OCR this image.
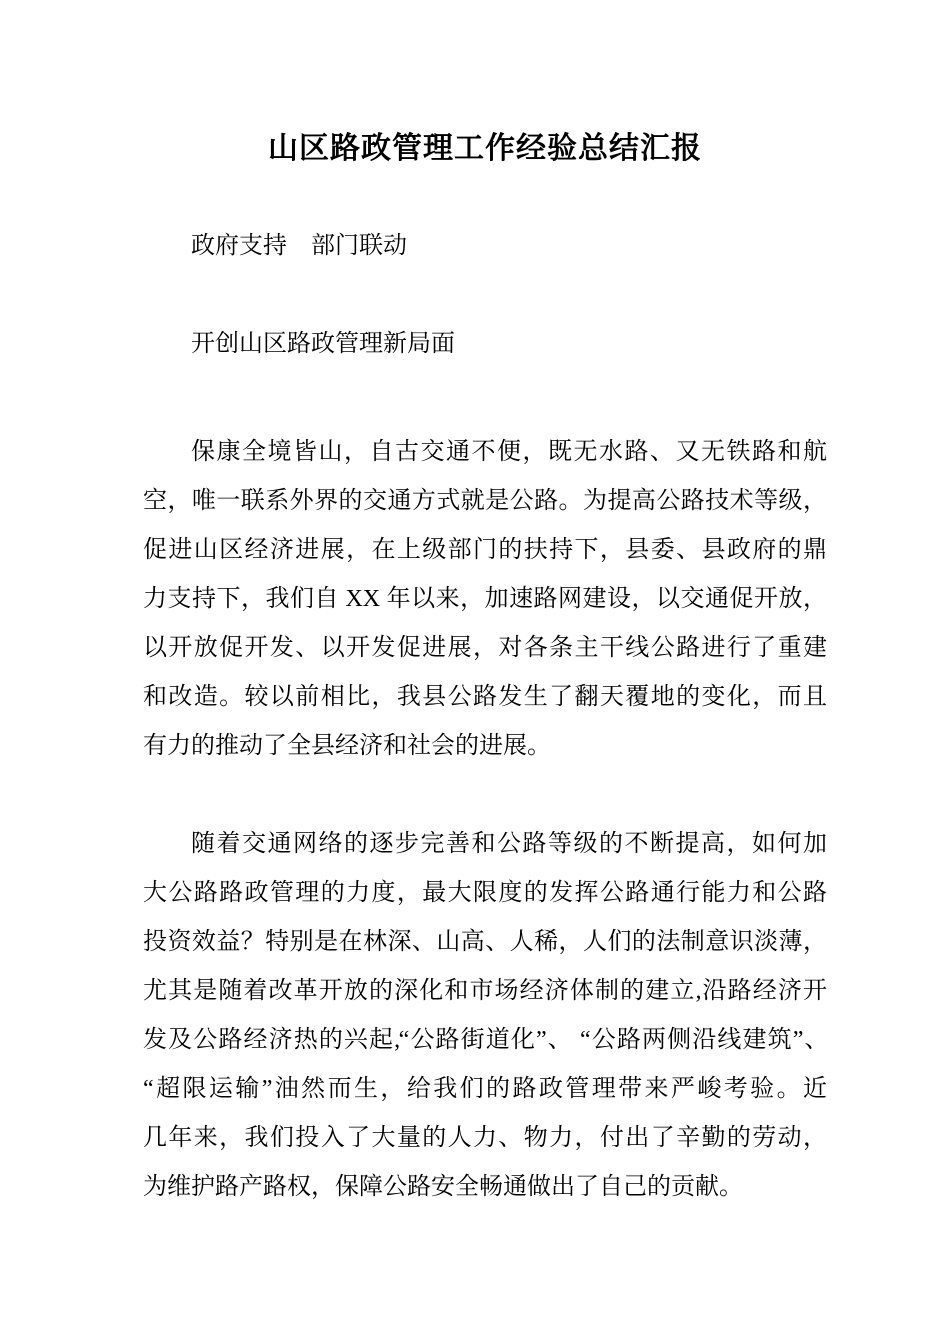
山区路政管理工作经验总结汇报
政府支持　部门联动
开创山区路政管理新局面
保康全境皆山，自古交通不便，既无水路、又无铁路和航
空，唯一联系外界的交通方式就是公路。为提高公路技术等级，
促进山区经济进展，在上级部门的扶持下，县委、县政府的鼎
力支持下，我们自 XX 年以来，加速路网建设，以交通促开放，
以开放促开发、以开发促进展，对各条主干线公路进行了重建
和改造。较以前相比，我县公路发生了翻天覆地的变化，而且
有力的推动了全县经济和社会的进展。
随着交通网络的逐步完善和公路等级的不断提高，如何加
大公路路政管理的力度，最大限度的发挥公路通行能力和公路
投资效益？特别是在林深、山高、人稀，人们的法制意识淡薄，
尤其是随着改革开放的深化和市场经济体制的建立,沿路经济开
发及公路经济热的兴起,“公路街道化”、 “公路两侧沿线建筑”、
“超限运输”油然而生，给我们的路政管理带来严峻考验。近
几年来，我们投入了大量的人力、物力，付出了辛勤的劳动，
为维护路产路权，保障公路安全畅通做出了自己的贡献。
